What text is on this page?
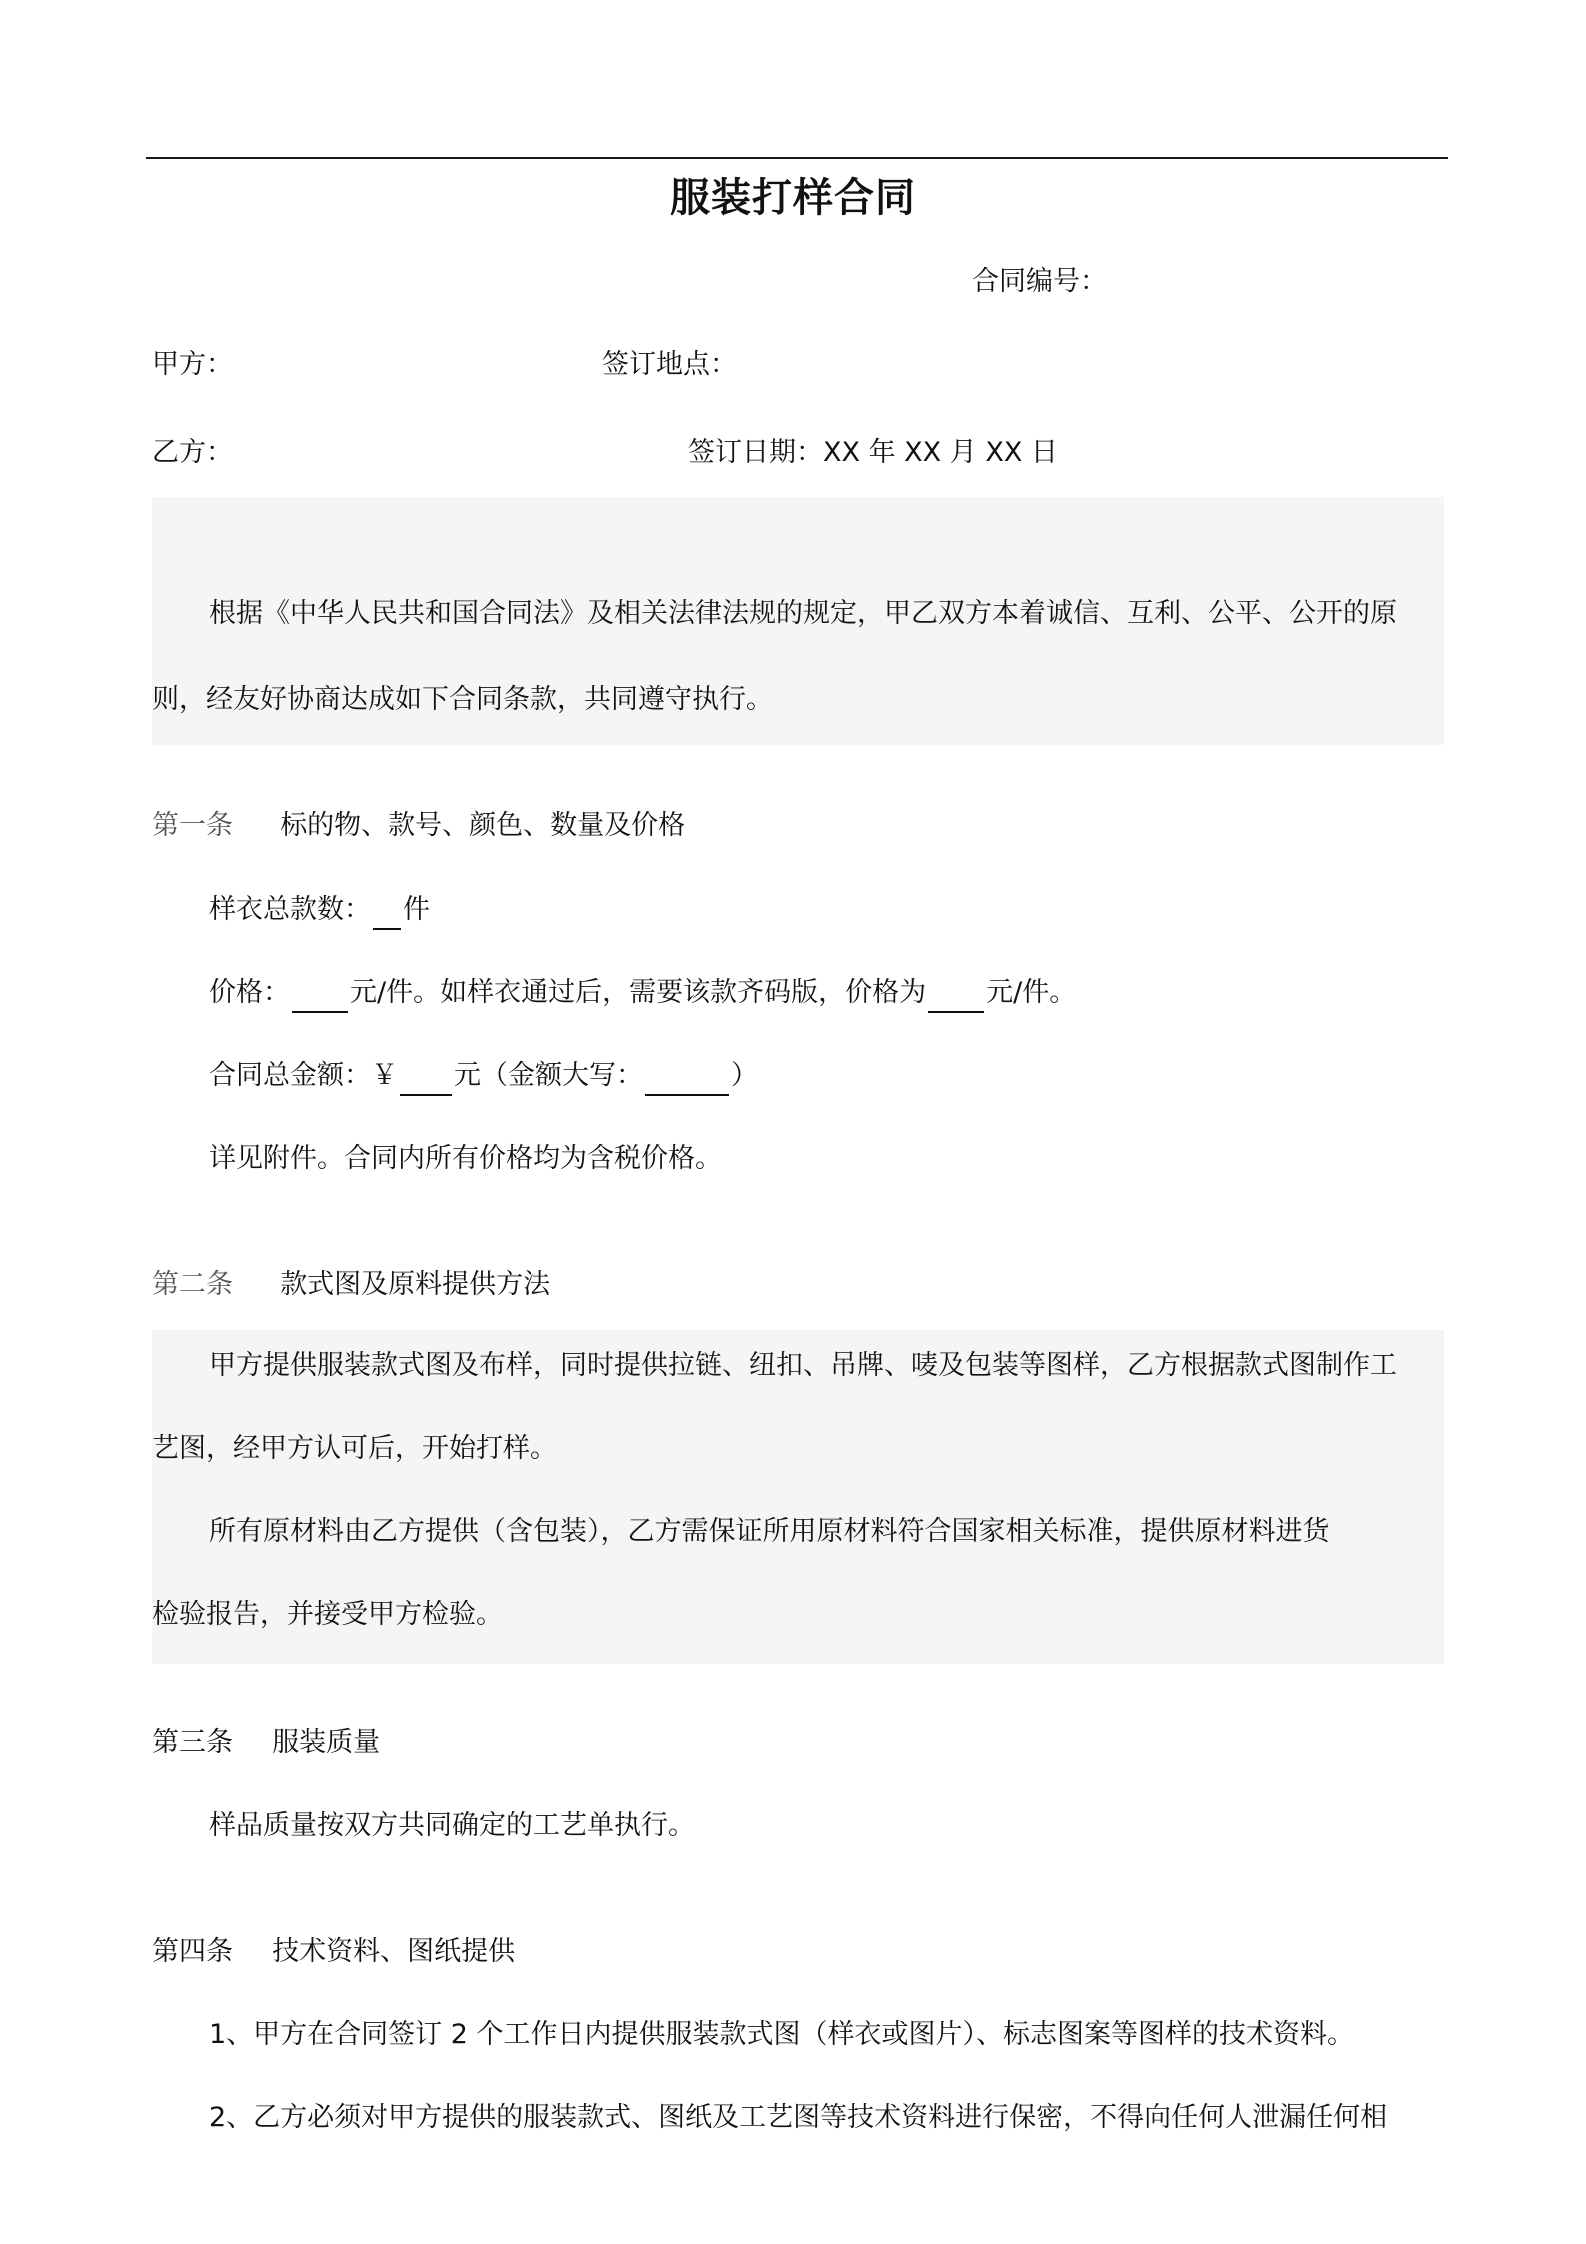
服装打样合同
合同编号：
甲方：	签订地点：
乙方：	签订日期：XX 年 XX 月 XX 日
根据《中华人民共和国合同法》及相关法律法规的规定，甲乙双方本着诚信、互利、公平、公开的原
则，经友好协商达成如下合同条款，共同遵守执行。
第一条 标的物、款号、颜色、数量及价格
样衣总款数： 件
价格： 元/件。如样衣通过后，需要该款齐码版，价格为 元/件。
合同总金额：￥ 元（金额大写：	）
详见附件。合同内所有价格均为含税价格。
第二条 款式图及原料提供方法
甲方提供服装款式图及布样，同时提供拉链、纽扣、吊牌、唛及包装等图样，乙方根据款式图制作工
艺图，经甲方认可后，开始打样。
所有原材料由乙方提供（含包装），乙方需保证所用原材料符合国家相关标准，提供原材料进货
检验报告，并接受甲方检验。
第三条 服装质量
样品质量按双方共同确定的工艺单执行。
第四条 技术资料、图纸提供
1、甲方在合同签订 2 个工作日内提供服装款式图（样衣或图片）、标志图案等图样的技术资料。
2、乙方必须对甲方提供的服装款式、图纸及工艺图等技术资料进行保密，不得向任何人泄漏任何相
